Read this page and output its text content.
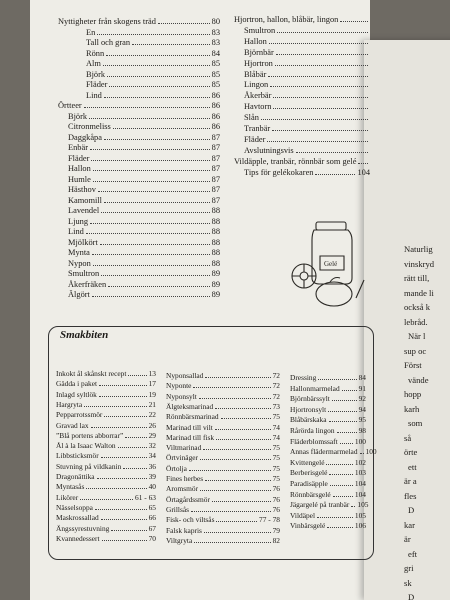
Naturlig
vinskryd
rätt till,
mande li
också k
lebråd.
När l
sup oc
Först
vände
hopp
karh
som
så
örte
ett
är a
fles
D
kar
är
eft
gri
sk
D
Nyttigheter från skogens träd	80
En	83
Tall och gran	83
Rönn	84
Alm	85
Björk	85
Fläder	85
Lind	86
Örtteer	86
Björk	86
Citronmeliss	86
Daggkåpa	87
Enbär	87
Fläder	87
Hallon	87
Humle	87
Hästhov	87
Kamomill	87
Lavendel	88
Ljung	88
Lind	88
Mjölkört	88
Mynta	88
Nypon	88
Smultron	89
Åkerfräken	89
Älgört	89
Hjortron, hallon, blåbär, lingon
Smultron
Hallon
Björnbär
Hjortron
Blåbär
Lingon
Åkerbär
Havtorn
Slån
Tranbär
Fläder
Avslutningsvis
Vildäpple, tranbär, rönnbär som gelé
Tips för gelékokaren	104
Gelé
Smakbiten
Inkokt ål skånskt recept	13
Gädda i paket	17
Inlagd syltlök	19
Hargryta	21
Pepparrotssmör	22
Gravad lax	26
”Blå portens abborrar”	29
Ål à la Isaac Walton	32
Libbsticksmör	34
Stuvning på vildkanin	36
Dragonättika	39
Myntasås	40
Likörer	61 - 63
Nässelsoppa	65
Maskrossallad	66
Ängssyrestuvning	67
Kvannedessert	70
Nyponsallad	72
Nyponte	72
Nyponsylt	72
Älgteksmarinad	73
Rönnbärsmarinad	75
Marinad till vilt	74
Marinad till fisk	74
Viltmarinad	75
Örtvinäger	75
Örtolja	75
Fines herbes	75
Aromsmör	76
Örtagårdssmör	76
Grillsås	76
Fisk- och viltsås	77 - 78
Falsk kapris	79
Viltgryta	82
Dressing	84
Hallonmarmelad	91
Björnbärssylt	92
Hjortronsylt	94
Blåbärskaka	95
Rårörda lingon	98
Fläderblomssaft 100
Annas flädermarmelad 100
Kvittengelé	102
Berberisgelé	103
Paradisäpple	104
Rönnbärsgelé	104
Jägargelé på tranbär 105
Vildäpel	105
Vinbärsgelé	106
